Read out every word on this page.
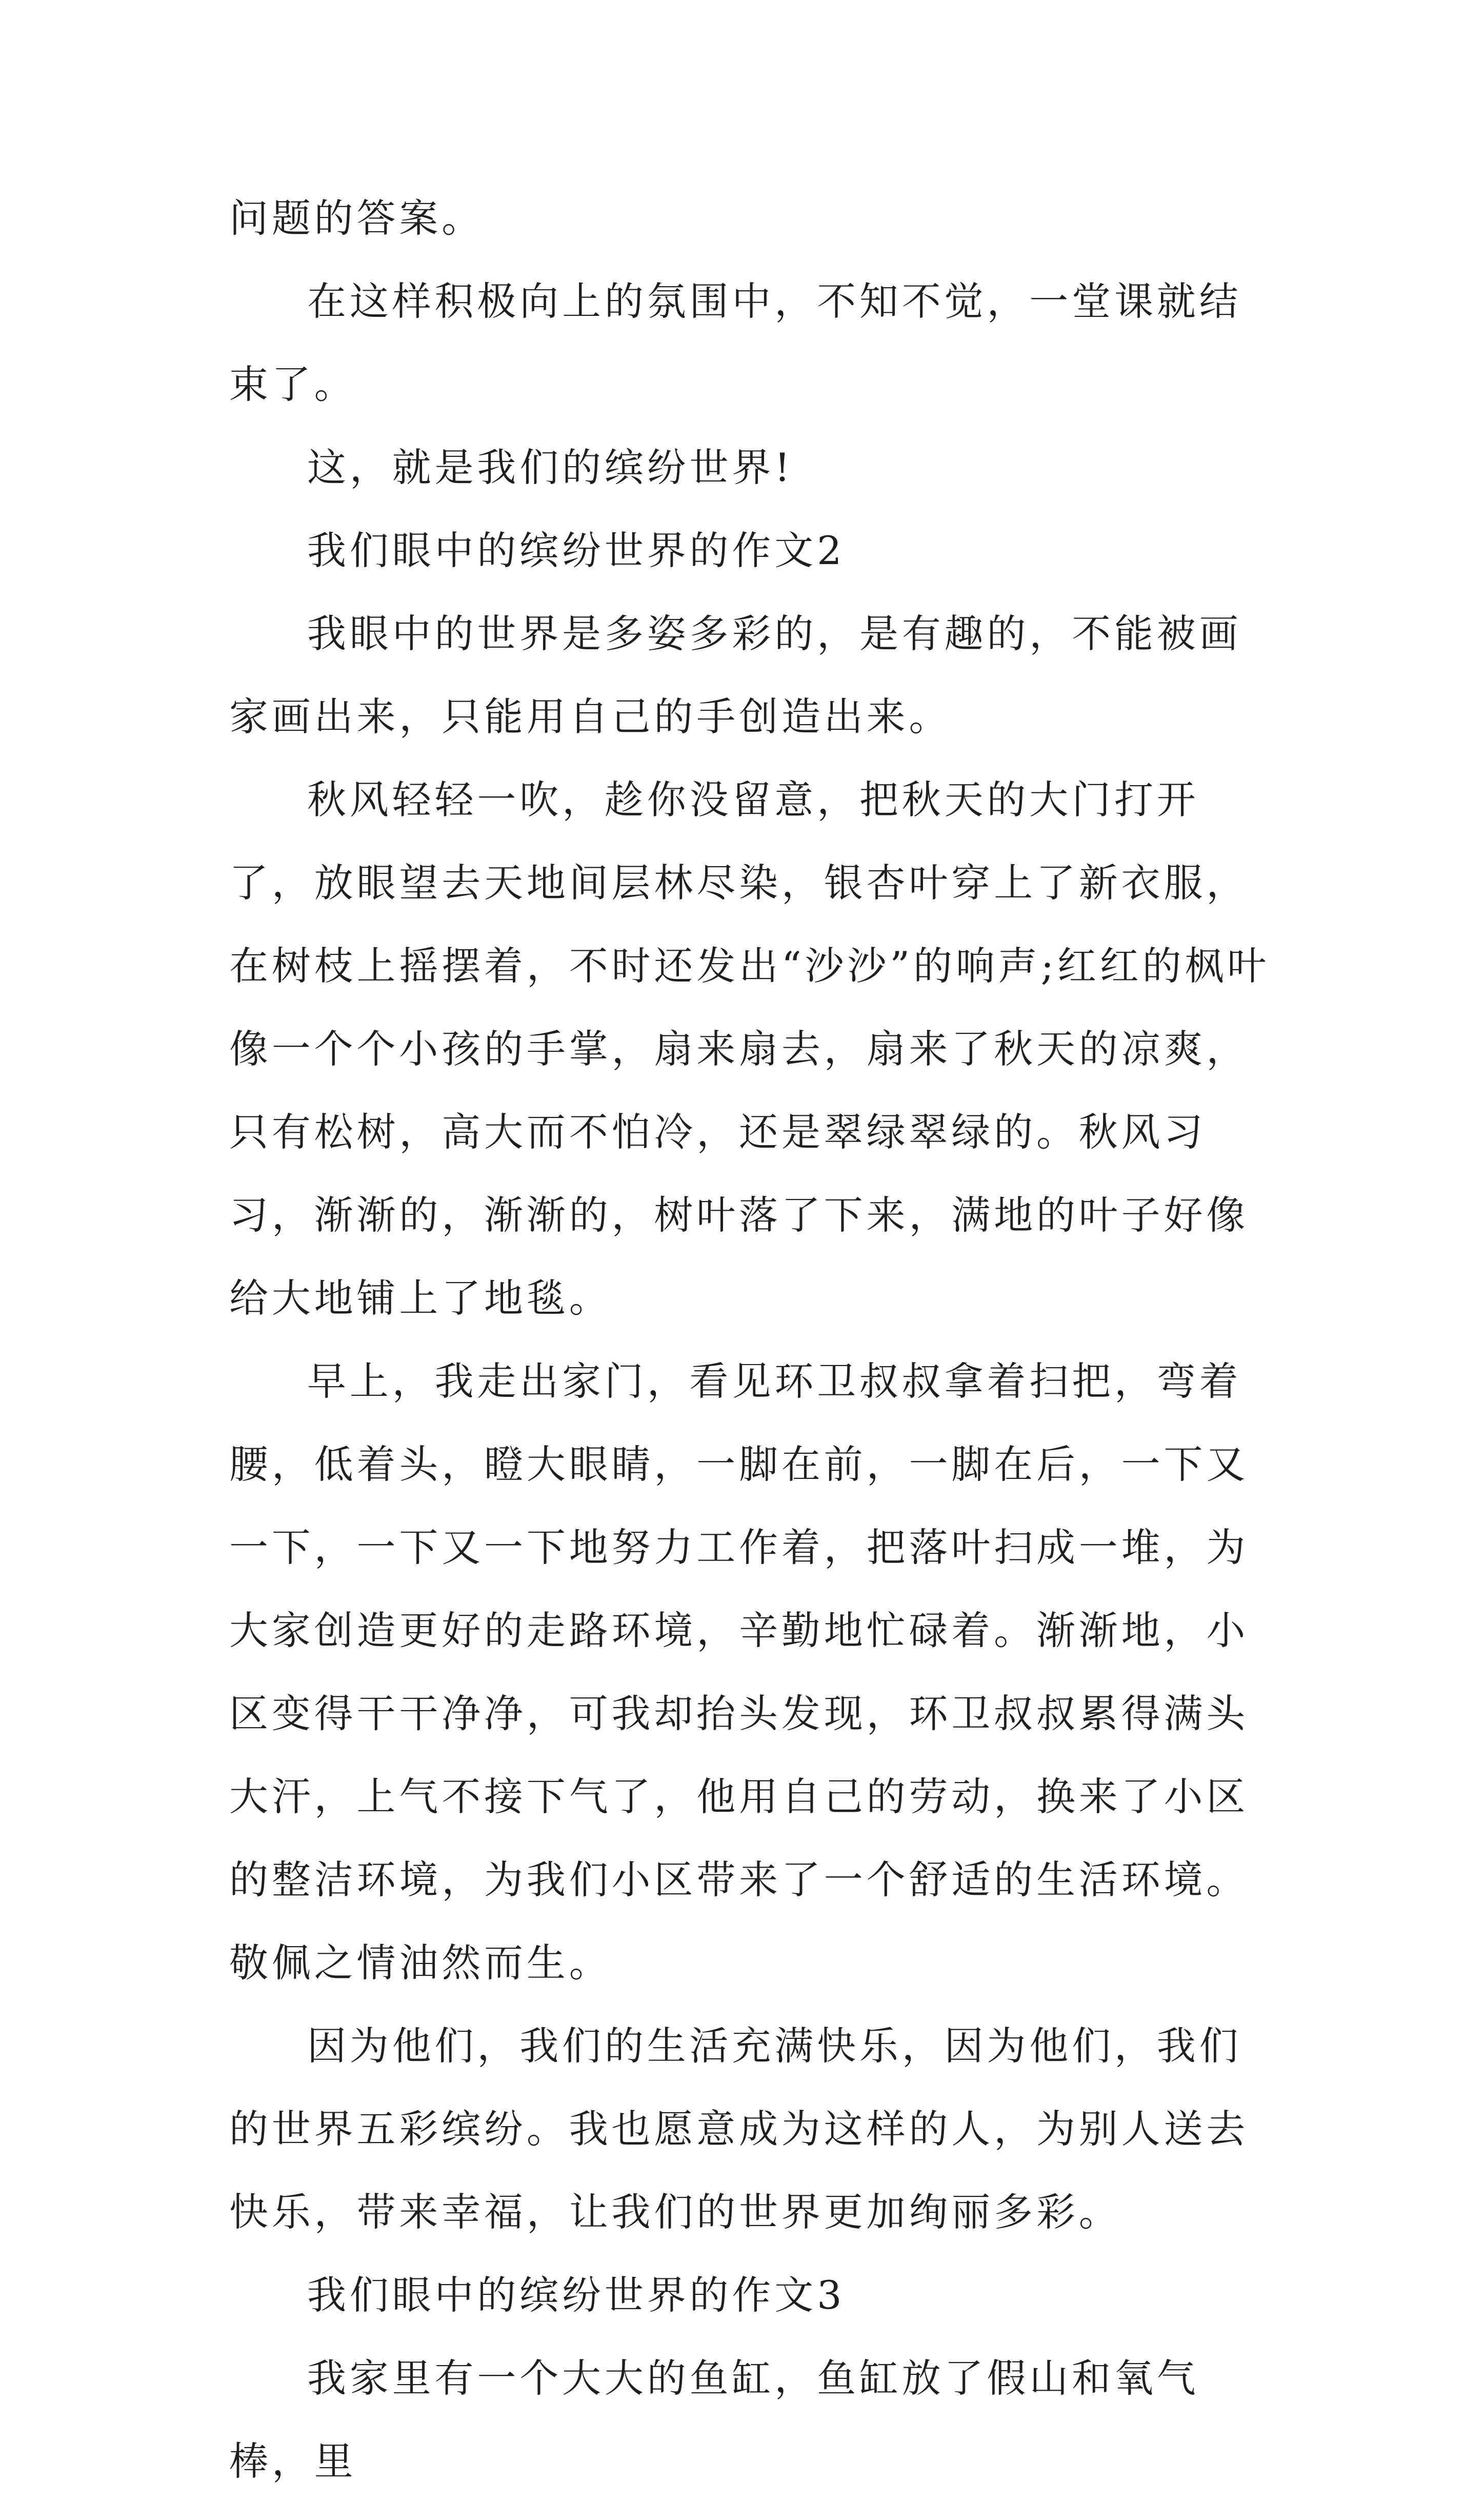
问题的答案。

在这样积极向上的氛围中，不知不觉，一堂课就结束了。

这，就是我们的缤纷世界!

我们眼中的缤纷世界的作文2

我眼中的世界是多姿多彩的，是有趣的，不能被画家画出来，只能用自己的手创造出来。

秋风轻轻一吹，趁你没留意，把秋天的大门打开了，放眼望去天地间层林尽染，银杏叶穿上了新衣服，在树枝上摇摆着，不时还发出“沙沙”的响声;红红的枫叶像一个个小孩的手掌，扇来扇去，扇来了秋天的凉爽，只有松树，高大而不怕冷，还是翠绿翠绿的。秋风习习，渐渐的，渐渐的，树叶落了下来，满地的叶子好像给大地铺上了地毯。

早上，我走出家门，看见环卫叔叔拿着扫把，弯着腰，低着头，瞪大眼睛，一脚在前，一脚在后，一下又一下，一下又一下地努力工作着，把落叶扫成一堆，为大家创造更好的走路环境，辛勤地忙碌着。渐渐地，小区变得干干净净，可我却抬头发现，环卫叔叔累得满头大汗，上气不接下气了，他用自己的劳动，换来了小区的整洁环境，为我们小区带来了一个舒适的生活环境。敬佩之情油然而生。

因为他们，我们的生活充满快乐，因为他们，我们的世界五彩缤纷。我也愿意成为这样的人，为别人送去快乐，带来幸福，让我们的世界更加绚丽多彩。

我们眼中的缤纷世界的作文3

我家里有一个大大的鱼缸，鱼缸放了假山和氧气棒，里
